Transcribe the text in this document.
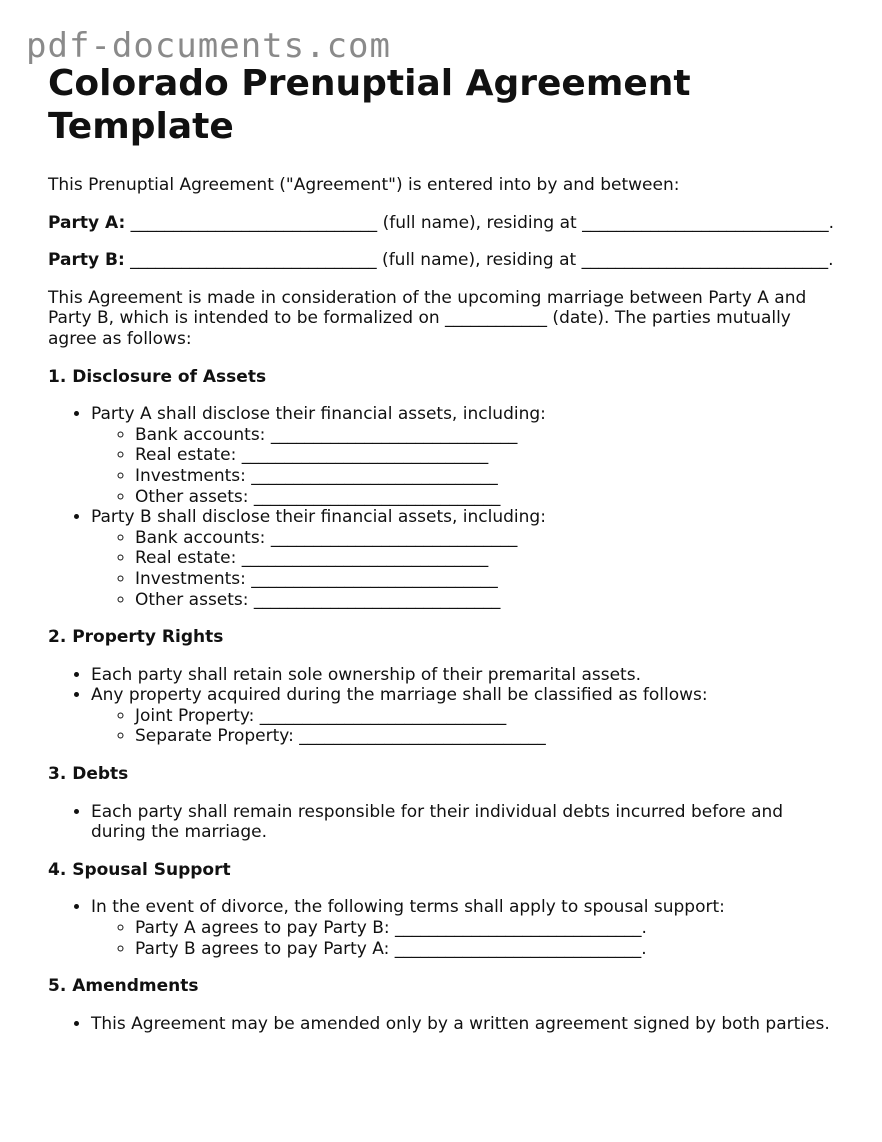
pdf-documents.com
Colorado Prenuptial Agreement Template

This Prenuptial Agreement ("Agreement") is entered into by and between:

Party A: _____________________________ (full name), residing at _____________________________.

Party B: _____________________________ (full name), residing at _____________________________.

This Agreement is made in consideration of the upcoming marriage between Party A and Party B, which is intended to be formalized on ____________ (date). The parties mutually agree as follows:

1. Disclosure of Assets
• Party A shall disclose their financial assets, including:
◦ Bank accounts: _____________________________
◦ Real estate: _____________________________
◦ Investments: _____________________________
◦ Other assets: _____________________________
• Party B shall disclose their financial assets, including:
◦ Bank accounts: _____________________________
◦ Real estate: _____________________________
◦ Investments: _____________________________
◦ Other assets: _____________________________
2. Property Rights
• Each party shall retain sole ownership of their premarital assets.
• Any property acquired during the marriage shall be classified as follows:
◦ Joint Property: _____________________________
◦ Separate Property: _____________________________
3. Debts
• Each party shall remain responsible for their individual debts incurred before and during the marriage.
4. Spousal Support
• In the event of divorce, the following terms shall apply to spousal support:
◦ Party A agrees to pay Party B: _____________________________.
◦ Party B agrees to pay Party A: _____________________________.
5. Amendments
• This Agreement may be amended only by a written agreement signed by both parties.
